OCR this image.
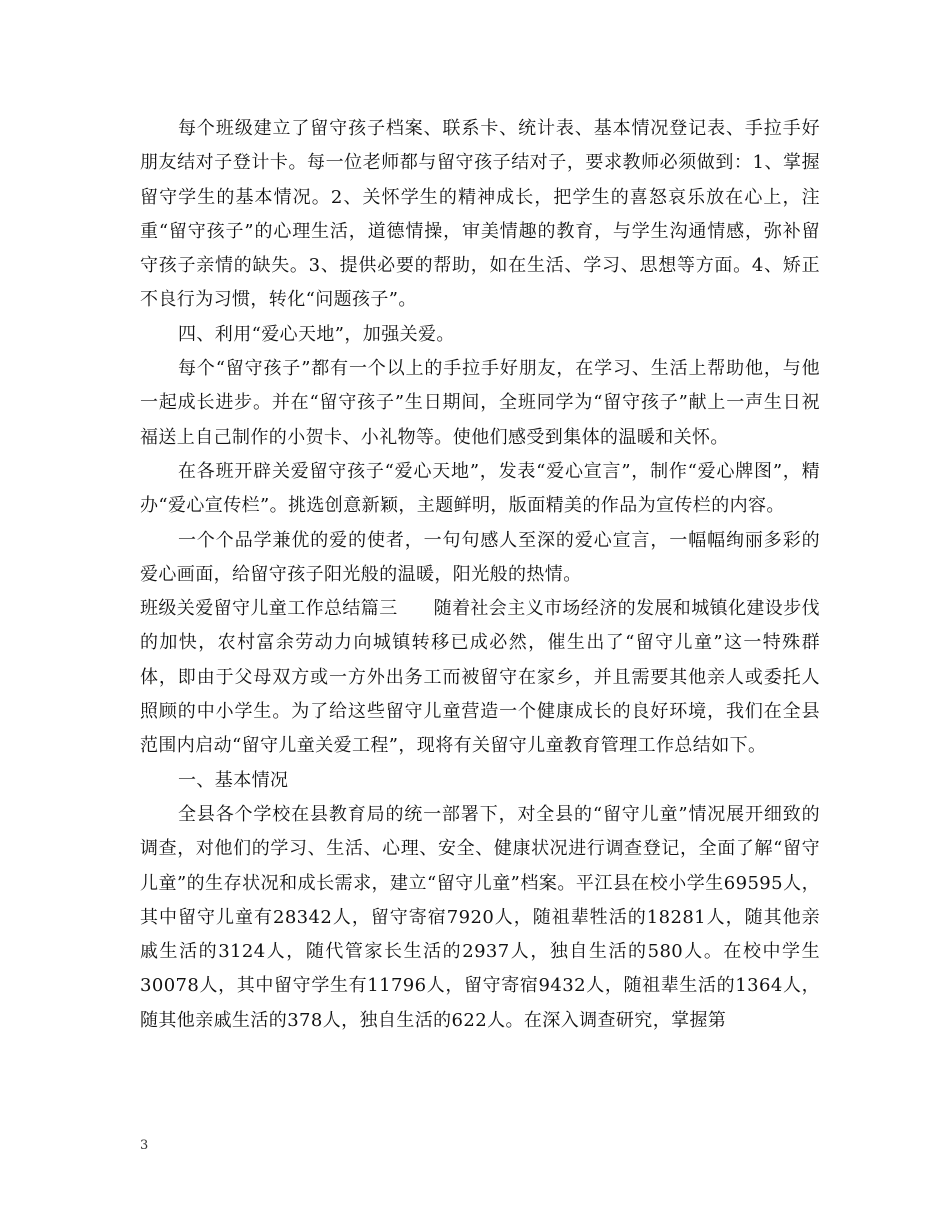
每个班级建立了留守孩子档案、联系卡、统计表、基本情况登记表、手拉手好朋友结对子登计卡。每一位老师都与留守孩子结对子，要求教师必须做到：1、掌握留守学生的基本情况。2、关怀学生的精神成长，把学生的喜怒哀乐放在心上，注重“留守孩子”的心理生活，道德情操，审美情趣的教育，与学生沟通情感，弥补留守孩子亲情的缺失。3、提供必要的帮助，如在生活、学习、思想等方面。4、矫正不良行为习惯，转化“问题孩子”。

四、利用“爱心天地”，加强关爱。

每个“留守孩子”都有一个以上的手拉手好朋友，在学习、生活上帮助他，与他一起成长进步。并在“留守孩子”生日期间，全班同学为“留守孩子”献上一声生日祝福送上自己制作的小贺卡、小礼物等。使他们感受到集体的温暖和关怀。

在各班开辟关爱留守孩子“爱心天地”，发表“爱心宣言”，制作“爱心牌图”，精办“爱心宣传栏”。挑选创意新颖，主题鲜明，版面精美的作品为宣传栏的内容。

一个个品学兼优的爱的使者，一句句感人至深的爱心宣言，一幅幅绚丽多彩的爱心画面，给留守孩子阳光般的温暖，阳光般的热情。

班级关爱留守儿童工作总结篇三 随着社会主义市场经济的发展和城镇化建设步伐的加快，农村富余劳动力向城镇转移已成必然，催生出了“留守儿童”这一特殊群体，即由于父母双方或一方外出务工而被留守在家乡，并且需要其他亲人或委托人照顾的中小学生。为了给这些留守儿童营造一个健康成长的良好环境，我们在全县范围内启动“留守儿童关爱工程”，现将有关留守儿童教育管理工作总结如下。

一、基本情况

全县各个学校在县教育局的统一部署下，对全县的“留守儿童”情况展开细致的调查，对他们的学习、生活、心理、安全、健康状况进行调查登记，全面了解“留守儿童”的生存状况和成长需求，建立“留守儿童”档案。平江县在校小学生69595人，其中留守儿童有28342人，留守寄宿7920人，随祖辈牲活的18281人，随其他亲戚生活的3124人，随代管家长生活的2937人，独自生活的580人。在校中学生30078人，其中留守学生有11796人，留守寄宿9432人，随祖辈生活的1364人，随其他亲戚生活的378人，独自生活的622人。在深入调查研究，掌握第

3
